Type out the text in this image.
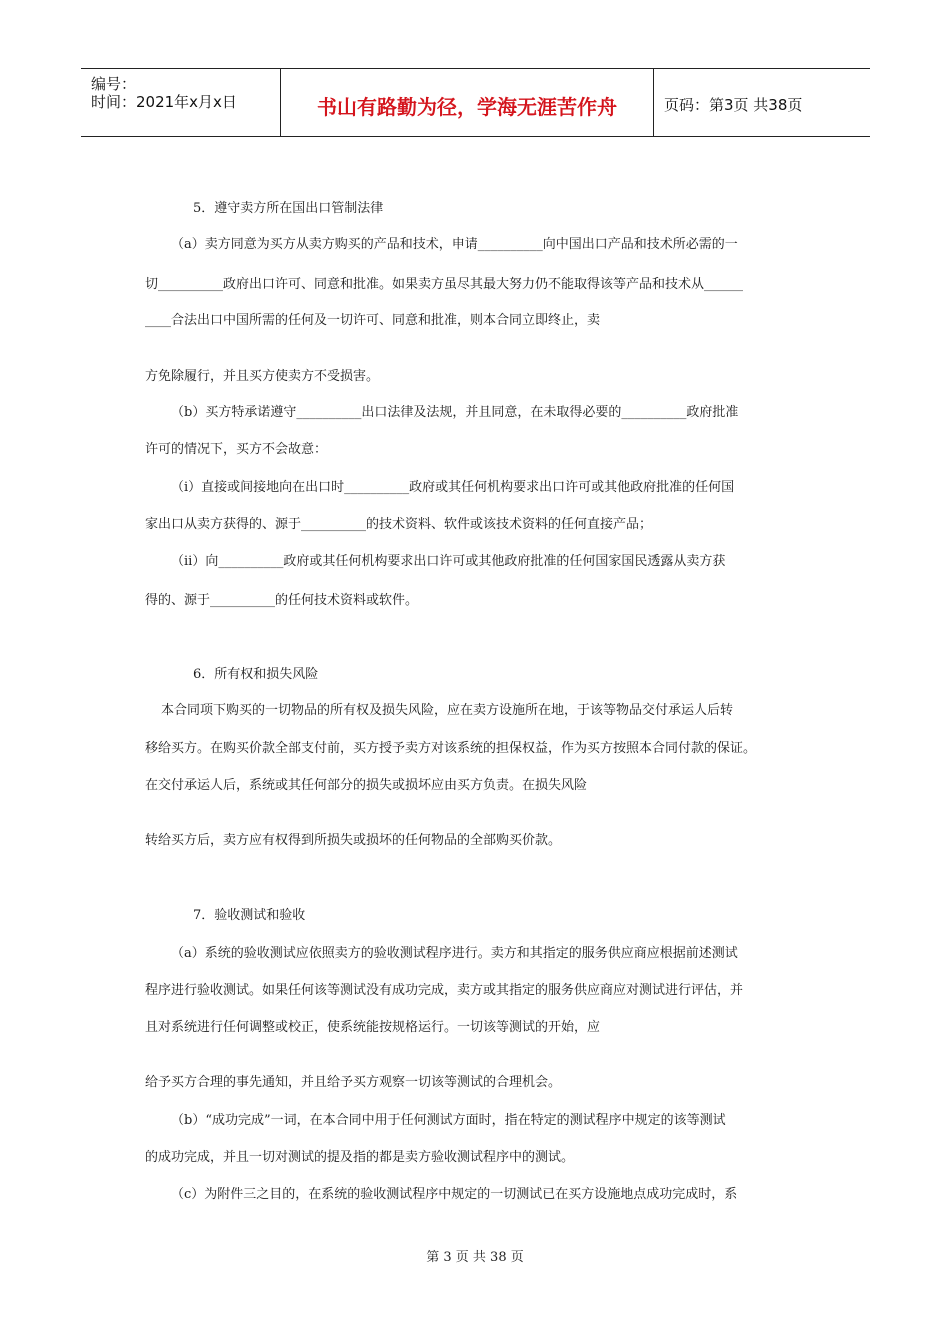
编号：
时间：2021年x月x日	书山有路勤为径，学海无涯苦作舟	页码：第3页 共38页
5．遵守卖方所在国出口管制法律
（a）卖方同意为买方从卖方购买的产品和技术，申请__________向中国出口产品和技术所必需的一
切__________政府出口许可、同意和批准。如果卖方虽尽其最大努力仍不能取得该等产品和技术从______
____合法出口中国所需的任何及一切许可、同意和批准，则本合同立即终止，卖
方免除履行，并且买方使卖方不受损害。
（b）买方特承诺遵守__________出口法律及法规，并且同意，在未取得必要的__________政府批准
许可的情况下，买方不会故意：
（i）直接或间接地向在出口时__________政府或其任何机构要求出口许可或其他政府批准的任何国
家出口从卖方获得的、源于__________的技术资料、软件或该技术资料的任何直接产品；
（ii）向__________政府或其任何机构要求出口许可或其他政府批准的任何国家国民透露从卖方获
得的、源于__________的任何技术资料或软件。
6．所有权和损失风险
本合同项下购买的一切物品的所有权及损失风险，应在卖方设施所在地，于该等物品交付承运人后转
移给买方。在购买价款全部支付前，买方授予卖方对该系统的担保权益，作为买方按照本合同付款的保证。
在交付承运人后，系统或其任何部分的损失或损坏应由买方负责。在损失风险
转给买方后，卖方应有权得到所损失或损坏的任何物品的全部购买价款。
7．验收测试和验收
（a）系统的验收测试应依照卖方的验收测试程序进行。卖方和其指定的服务供应商应根据前述测试
程序进行验收测试。如果任何该等测试没有成功完成，卖方或其指定的服务供应商应对测试进行评估，并
且对系统进行任何调整或校正，使系统能按规格运行。一切该等测试的开始，应
给予买方合理的事先通知，并且给予买方观察一切该等测试的合理机会。
（b）“成功完成”一词，在本合同中用于任何测试方面时，指在特定的测试程序中规定的该等测试
的成功完成，并且一切对测试的提及指的都是卖方验收测试程序中的测试。
（c）为附件三之目的，在系统的验收测试程序中规定的一切测试已在买方设施地点成功完成时，系
第 3 页 共 38 页
